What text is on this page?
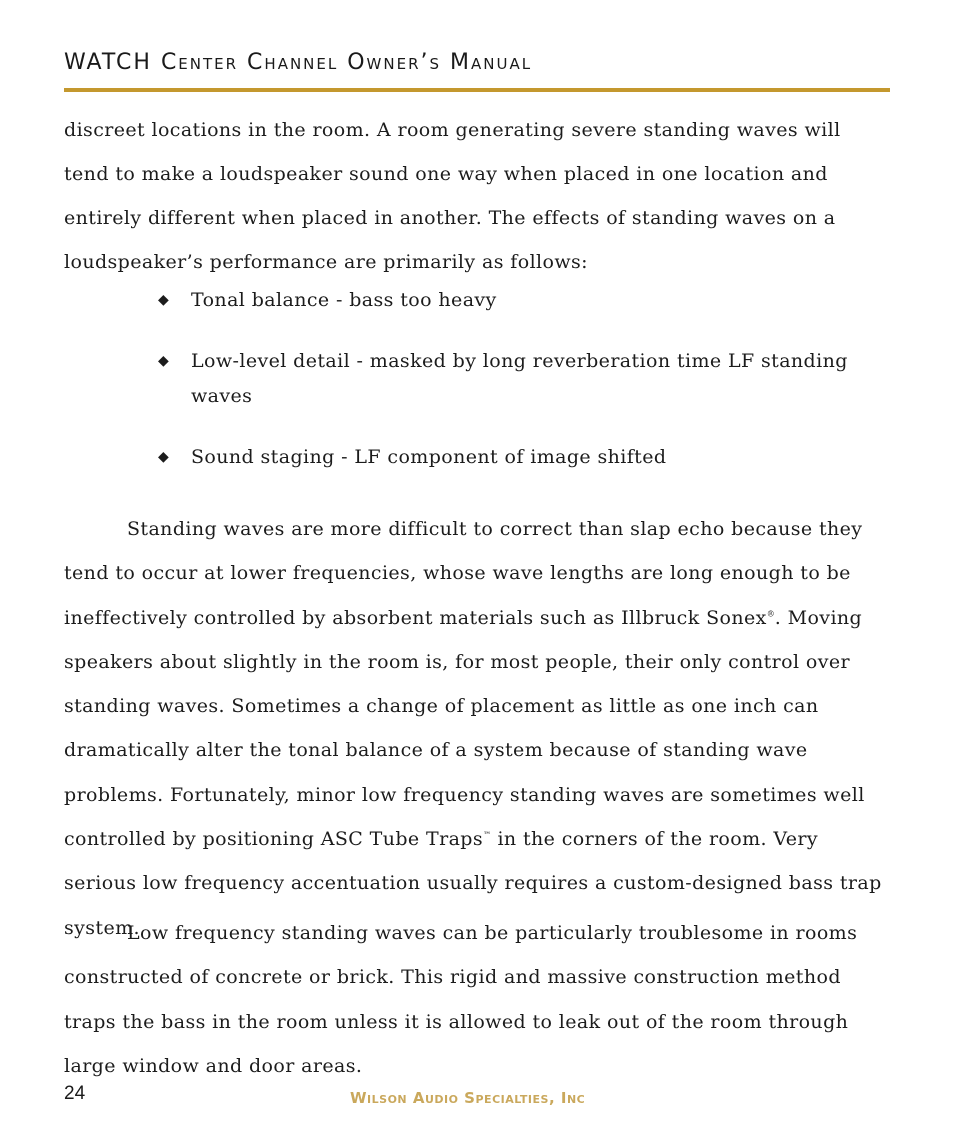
WATCH Center Channel Owner’s Manual

discreet locations in the room. A room generating severe standing waves will tend to make a loudspeaker sound one way when placed in one location and entirely different when placed in another. The effects of standing waves on a loudspeaker’s performance are primarily as follows:

◆ Tonal balance - bass too heavy
◆ Low-level detail - masked by long reverberation time LF standing waves
◆ Sound staging - LF component of image shifted

Standing waves are more difficult to correct than slap echo because they tend to occur at lower frequencies, whose wave lengths are long enough to be ineffectively controlled by absorbent materials such as Illbruck Sonex®. Moving speakers about slightly in the room is, for most people, their only control over standing waves. Sometimes a change of placement as little as one inch can dramatically alter the tonal balance of a system because of standing wave problems. Fortunately, minor low frequency standing waves are sometimes well controlled by positioning ASC Tube Traps™ in the corners of the room. Very serious low frequency accentuation usually requires a custom-designed bass trap system.

Low frequency standing waves can be particularly troublesome in rooms constructed of concrete or brick. This rigid and massive construction method traps the bass in the room unless it is allowed to leak out of the room through large window and door areas.

24	Wilson Audio Specialties, Inc
